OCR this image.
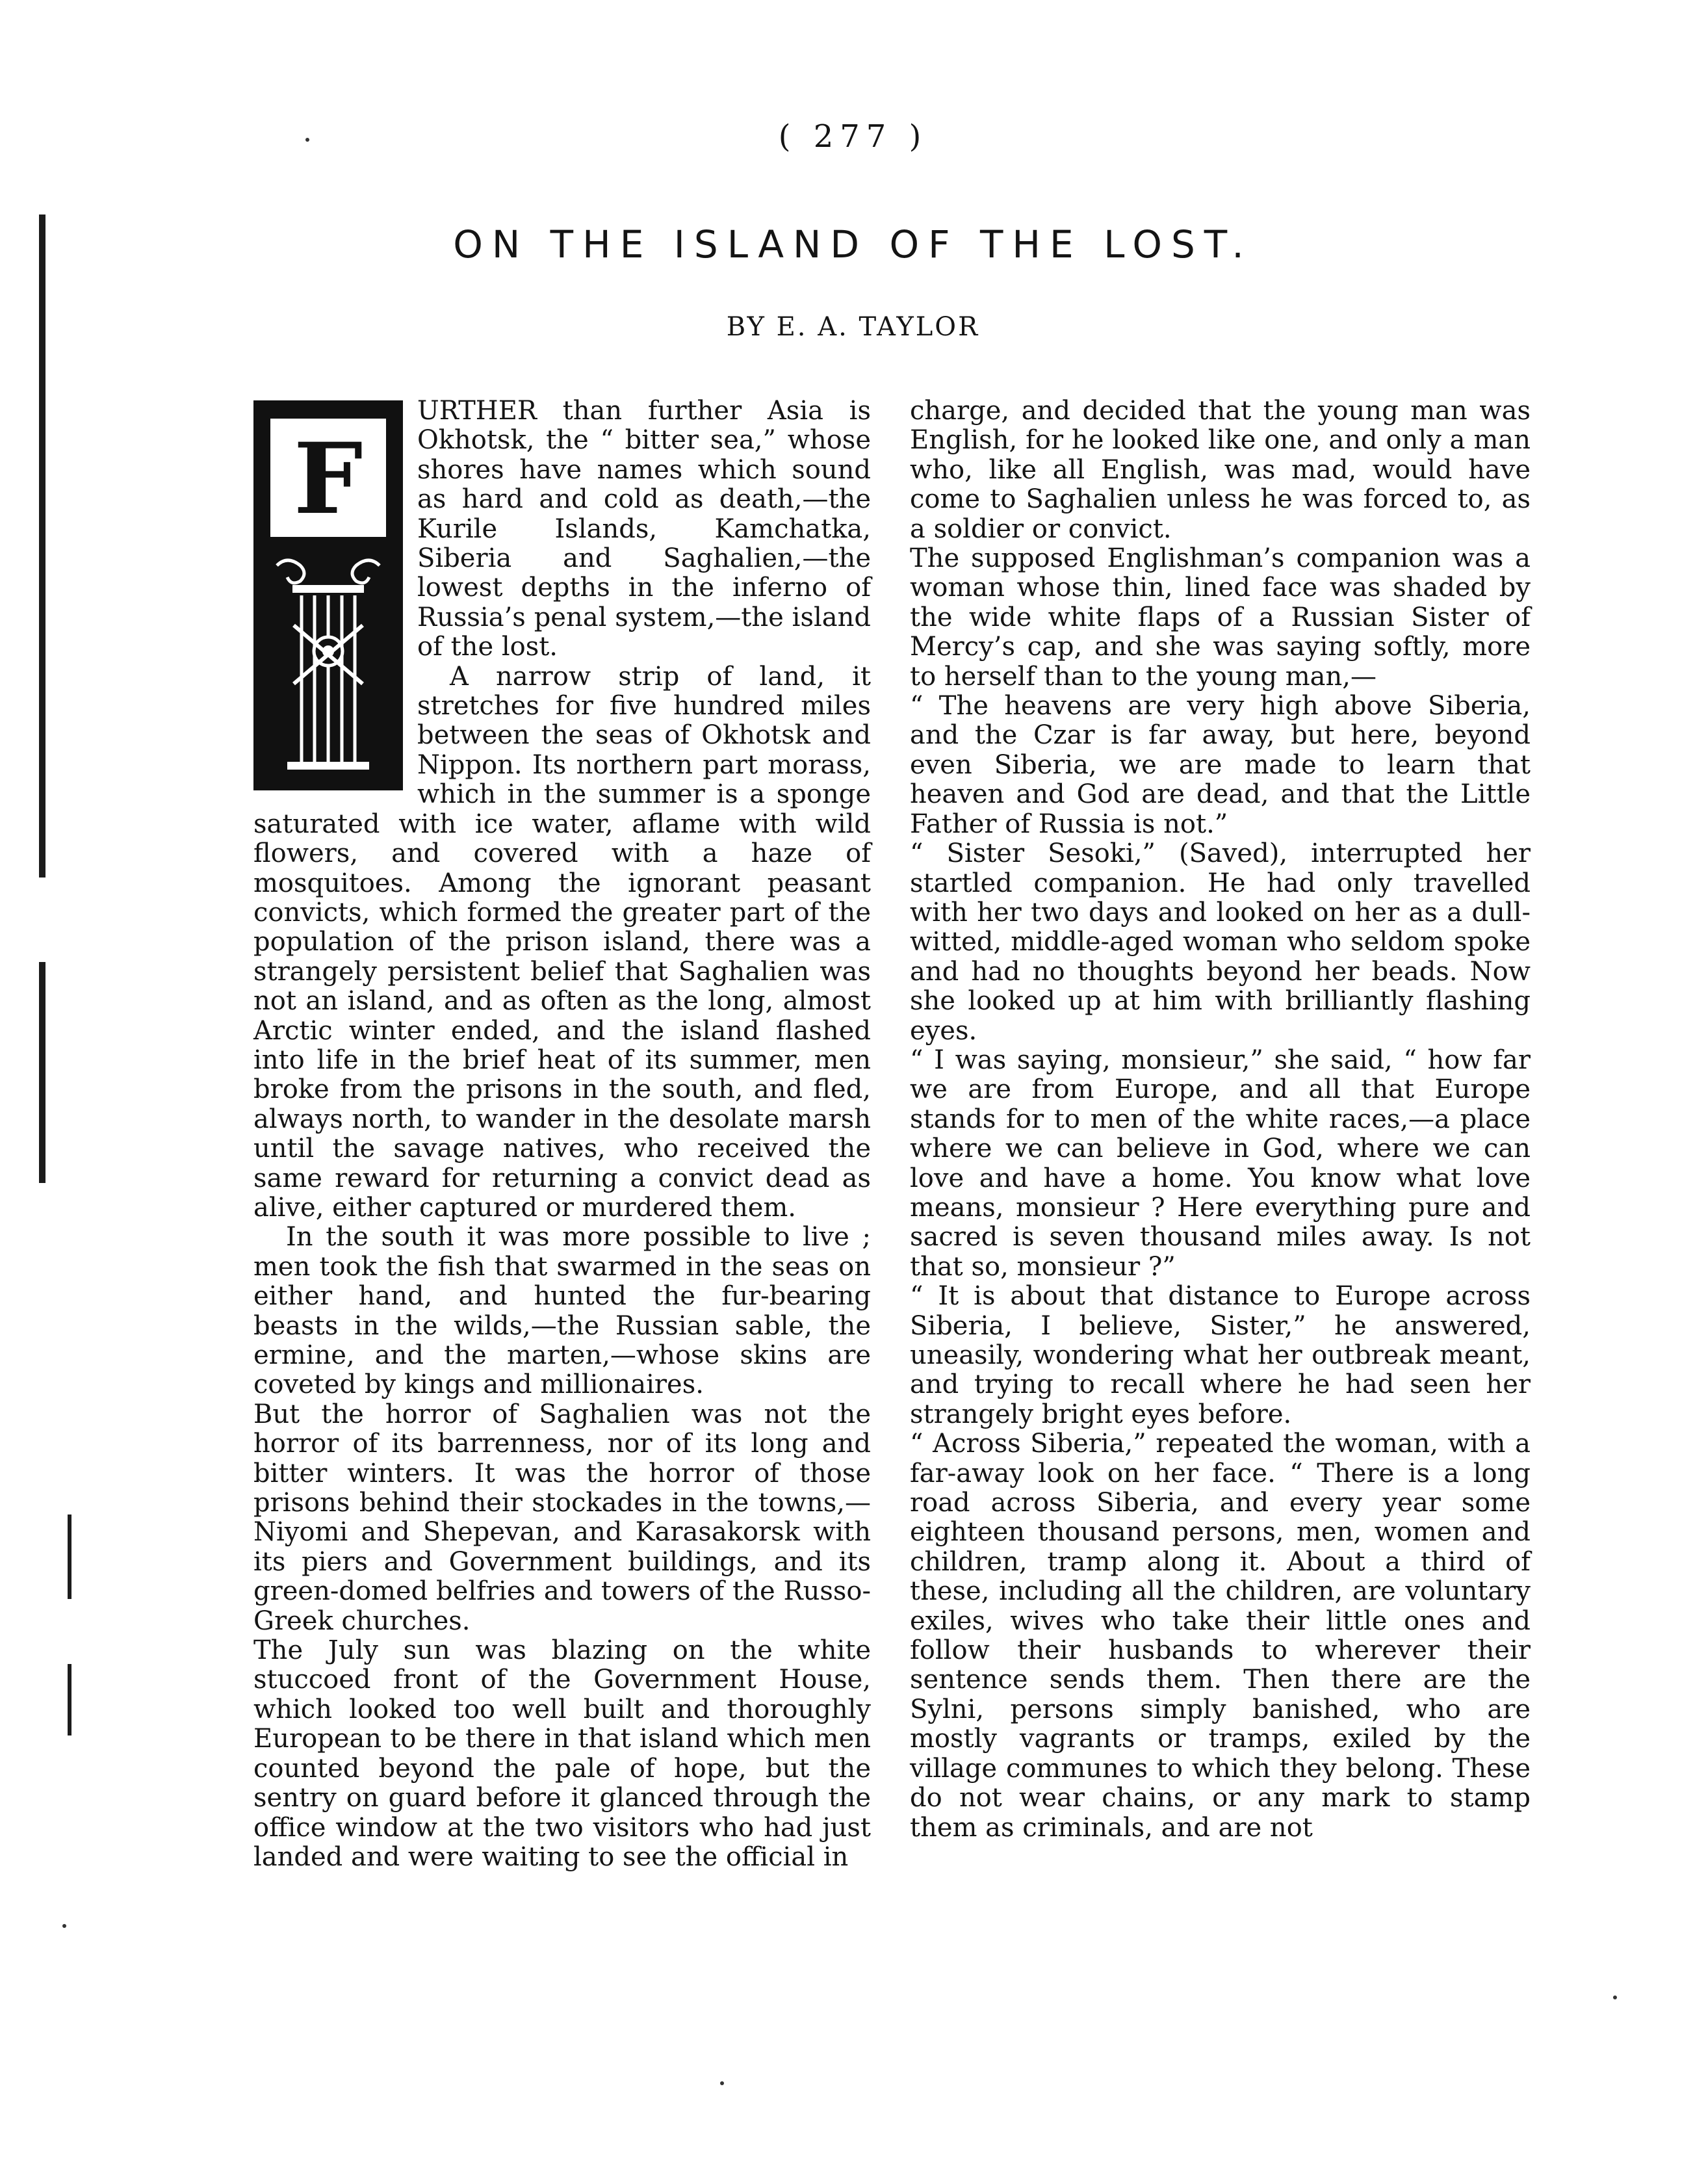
( 277 )
ON THE ISLAND OF THE LOST.
BY E. A. TAYLOR
F

URTHER than further Asia is Okhotsk, the “ bitter sea,” whose shores have names which sound as hard and cold as death,—the Kurile Islands, Kamchatka, Siberia and Saghalien,—the lowest depths in the inferno of Russia’s penal system,—the island of the lost.

A narrow strip of land, it stretches for five hundred miles between the seas of Okhotsk and Nippon. Its northern part morass, which in the summer is a sponge saturated with ice water, aflame with wild flowers, and covered with a haze of mosquitoes. Among the ignorant peasant convicts, which formed the greater part of the population of the prison island, there was a strangely persistent belief that Saghalien was not an island, and as often as the long, almost Arctic winter ended, and the island flashed into life in the brief heat of its summer, men broke from the prisons in the south, and fled, always north, to wander in the desolate marsh until the savage natives, who received the same reward for returning a convict dead as alive, either captured or murdered them.

In the south it was more possible to live ; men took the fish that swarmed in the seas on either hand, and hunted the fur-bearing beasts in the wilds,—the Russian sable, the ermine, and the marten,—whose skins are coveted by kings and millionaires.

But the horror of Saghalien was not the horror of its barrenness, nor of its long and bitter winters. It was the horror of those prisons behind their stockades in the towns,—Niyomi and Shepevan, and Karasakorsk with its piers and Government buildings, and its green-domed belfries and towers of the Russo-Greek churches.

The July sun was blazing on the white stuccoed front of the Government House, which looked too well built and thoroughly European to be there in that island which men counted beyond the pale of hope, but the sentry on guard before it glanced through the office window at the two visitors who had just landed and were waiting to see the official in

charge, and decided that the young man was English, for he looked like one, and only a man who, like all English, was mad, would have come to Saghalien unless he was forced to, as a soldier or convict.

The supposed Englishman’s companion was a woman whose thin, lined face was shaded by the wide white flaps of a Russian Sister of Mercy’s cap, and she was saying softly, more to herself than to the young man,—

“ The heavens are very high above Siberia, and the Czar is far away, but here, beyond even Siberia, we are made to learn that heaven and God are dead, and that the Little Father of Russia is not.”

“ Sister Sesoki,” (Saved), interrupted her startled companion. He had only travelled with her two days and looked on her as a dull-witted, middle-aged woman who seldom spoke and had no thoughts beyond her beads. Now she looked up at him with brilliantly flashing eyes.

“ I was saying, monsieur,” she said, “ how far we are from Europe, and all that Europe stands for to men of the white races,—a place where we can believe in God, where we can love and have a home. You know what love means, monsieur ? Here everything pure and sacred is seven thousand miles away. Is not that so, monsieur ?”

“ It is about that distance to Europe across Siberia, I believe, Sister,” he answered, uneasily, wondering what her outbreak meant, and trying to recall where he had seen her strangely bright eyes before.

“ Across Siberia,” repeated the woman, with a far-away look on her face. “ There is a long road across Siberia, and every year some eighteen thousand persons, men, women and children, tramp along it. About a third of these, including all the children, are voluntary exiles, wives who take their little ones and follow their husbands to wherever their sentence sends them. Then there are the Sylni, persons simply banished, who are mostly vagrants or tramps, exiled by the village communes to which they belong. These do not wear chains, or any mark to stamp them as criminals, and are not
